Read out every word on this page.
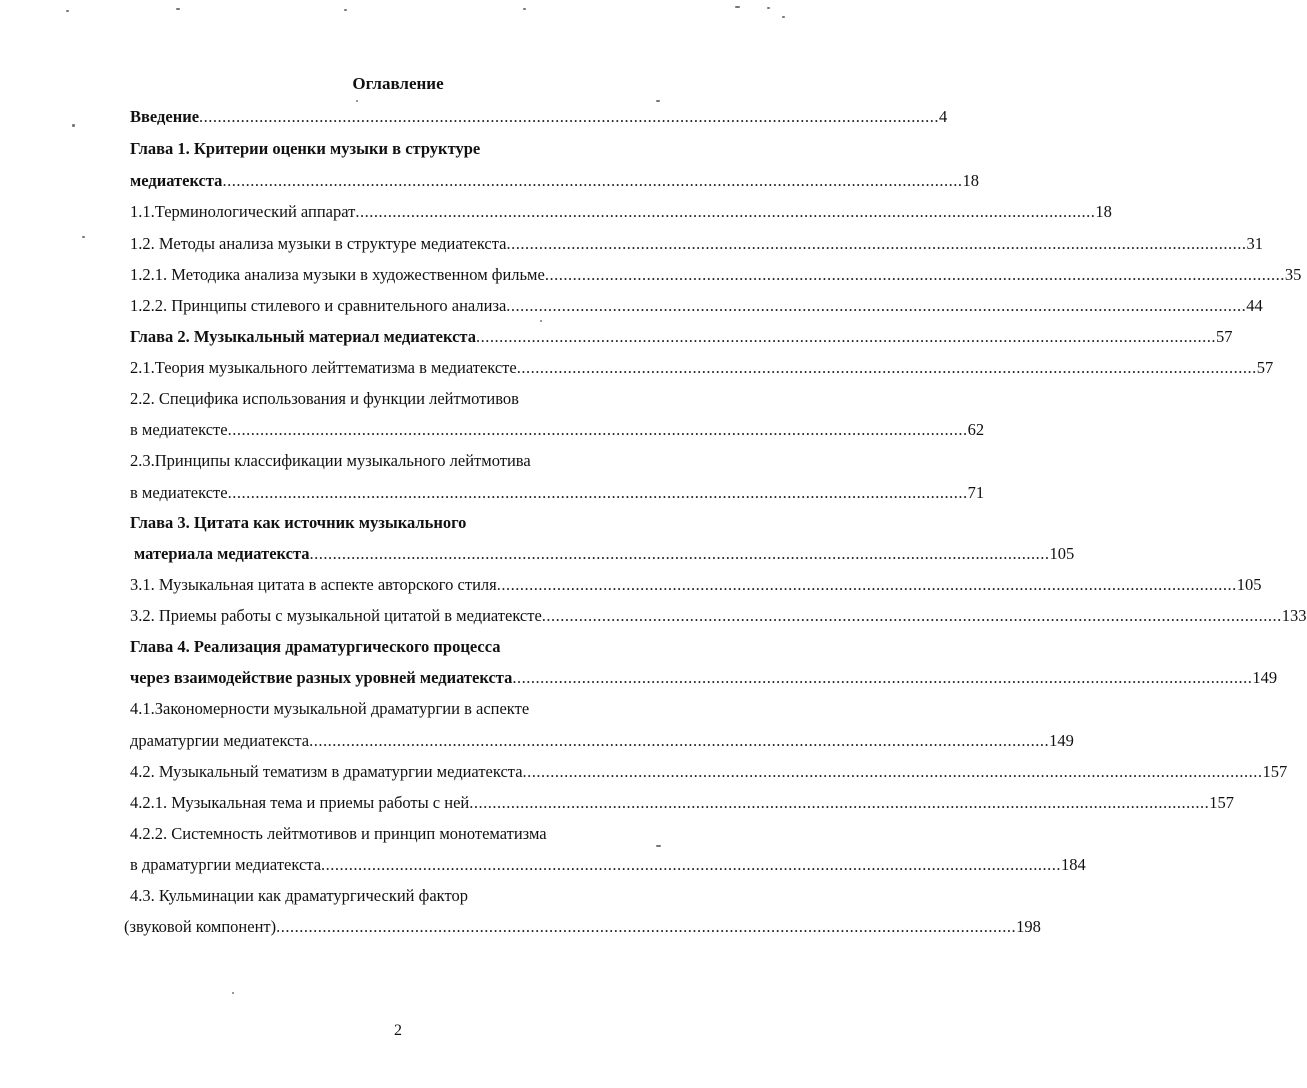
Оглавление
Введение ................................................................................................................................................................ 4
Глава 1. Критерии оценки музыки в структуре
медиатекста ................................................................................................................................................................ 18
1.1.Терминологический аппарат ................................................................................................................................................................ 18
1.2. Методы анализа музыки в структуре медиатекста ................................................................................................................................................................ 31
1.2.1. Методика анализа музыки в художественном фильме ................................................................................................................................................................ 35
1.2.2. Принципы стилевого и сравнительного анализа ................................................................................................................................................................ 44
Глава 2. Музыкальный материал медиатекста ................................................................................................................................................................ 57
2.1.Теория музыкального лейттематизма в медиатексте ................................................................................................................................................................ 57
2.2. Специфика использования и функции лейтмотивов
в медиатексте ................................................................................................................................................................ 62
2.3.Принципы классификации музыкального лейтмотива
в медиатексте ................................................................................................................................................................ 71
Глава 3. Цитата как источник музыкального
материала медиатекста ................................................................................................................................................................ 105
3.1. Музыкальная цитата в аспекте авторского стиля ................................................................................................................................................................ 105
3.2. Приемы работы с музыкальной цитатой в медиатексте ................................................................................................................................................................ 133
Глава 4. Реализация драматургического процесса
через взаимодействие разных уровней медиатекста ................................................................................................................................................................ 149
4.1.Закономерности музыкальной драматургии в аспекте
драматургии медиатекста ................................................................................................................................................................ 149
4.2. Музыкальный тематизм в драматургии медиатекста ................................................................................................................................................................ 157
4.2.1. Музыкальная тема и приемы работы с ней ................................................................................................................................................................ 157
4.2.2. Системность лейтмотивов и принцип монотематизма
в драматургии медиатекста ................................................................................................................................................................ 184
4.3. Кульминации как драматургический фактор
(звуковой компонент) ................................................................................................................................................................ 198
2
